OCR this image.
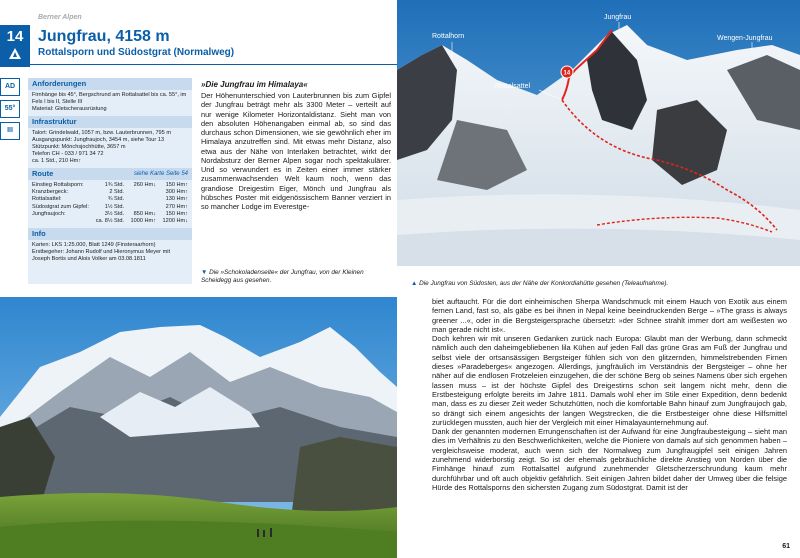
Berner Alpen
14 Jungfrau, 4158 m
Rottalsporn und Südostgrat (Normalweg)
AD
55°
III
Anforderungen
Firnhänge bis 45°, Bergschrund am Rottalsattel bis ca. 55°, im Fels I bis II, Stelle III
Material: Gletscherausrüstung
Infrastruktur
Talort: Grindelwald, 1057 m, bzw. Lauterbrunnen, 795 m
Ausgangspunkt: Jungfraujoch, 3454 m, siehe Tour 13
Stützpunkt: Mönchsjochhütte, 3657 m
Telefon CH - 033 / 971 34 72
ca. 1 Std., 210 Hm↑
Route	siehe Karte Seite 54
Einstieg Rottalsporn:	1¾ Std.	260 Hm↓	150 Hm↑
Kranzbergeck:	2 Std.	300 Hm↑
Rottalsattel:	¾ Std.	130 Hm↑
Südostgrat zum Gipfel:	1½ Std.	270 Hm↑
Jungfraujoch:	3½ Std.	850 Hm↓	150 Hm↑
ca. 8½ Std.	1000 Hm↑	1200 Hm↓
Info
Karten: LKS 1:25.000, Blatt 1249 (Finsteraarhorn)
Erstbegeher: Johann Rudolf und Hieronymus Meyer mit Joseph Bortis und Alois Volker am 03.08.1811
»Die Jungfrau im Himalaya«
Der Höhenunterschied von Lauterbrunnen bis zum Gipfel der Jungfrau beträgt mehr als 3300 Meter – verteilt auf nur wenige Kilometer Horizontaldistanz. Sieht man von den absoluten Höhenangaben einmal ab, so sind das durchaus schon Dimensionen, wie sie gewöhnlich eher im Himalaya anzutreffen sind. Mit etwas mehr Distanz, also etwa aus der Nähe von Interlaken betrachtet, wirkt der Nordabsturz der Berner Alpen sogar noch spektakulärer. Und so verwundert es in Zeiten einer immer stärker zusammenwachsenden Welt kaum noch, wenn das grandiose Dreigestirn Eiger, Mönch und Jungfrau als hübsches Poster mit eidgenössischem Banner verziert in so mancher Lodge im Everestge-
▼ Die »Schokoladenseite« der Jungfrau, von der Kleinen Scheidegg aus gesehen.
Rottalhorn
Jungfrau
Wengen-Jungfrau
Rottalsattel
14
▲ Die Jungfrau von Südosten, aus der Nähe der Konkordiahütte gesehen (Teleaufnahme).

biet auftaucht. Für die dort einheimischen Sherpa Wandschmuck mit einem Hauch von Exotik aus einem fernen Land, fast so, als gäbe es bei ihnen in Nepal keine beeindruckenden Berge – »The grass is always greener ...«, oder in die Bergsteigersprache übersetzt: »der Schnee strahlt immer dort am weißesten wo man gerade nicht ist«.

Doch kehren wir mit unseren Gedanken zurück nach Europa: Glaubt man der Werbung, dann schmeckt nämlich auch den daheimgebliebenen lila Kühen auf jeden Fall das grüne Gras am Fuß der Jungfrau und selbst viele der ortsansässigen Bergsteiger fühlen sich von den glitzernden, himmelstrebenden Firnen dieses »Paradeberges« angezogen. Allerdings, jungfräulich im Verständnis der Bergsteiger – ohne her näher auf die endlosen Frotzeleien einzugehen, die der schöne Berg ob seines Namens über sich ergehen lassen muss – ist der höchste Gipfel des Dreigestirns schon seit langem nicht mehr, denn die Erstbesteigung erfolgte bereits im Jahre 1811. Damals wohl eher im Stile einer Expedition, denn bedenkt man, dass es zu dieser Zeit weder Schutzhütten, noch die komfortable Bahn hinauf zum Jungfraujoch gab, so drängt sich einem angesichts der langen Wegstrecken, die die Erstbesteiger ohne diese Hilfsmittel zurücklegen mussten, auch hier der Vergleich mit einer Himalayaunternehmung auf.

Dank der genannten modernen Errungenschaften ist der Aufwand für eine Jungfraubesteigung – sieht man dies im Verhältnis zu den Beschwerlichkeiten, welche die Pioniere von damals auf sich genommen haben – vergleichsweise moderat, auch wenn sich der Normalweg zum Jungfraugipfel seit einigen Jahren zunehmend widerborstig zeigt. So ist der ehemals gebräuchliche direkte Anstieg von Norden über die Firnhänge hinauf zum Rottalsattel aufgrund zunehmender Gletscherzerschrundung kaum mehr durchführbar und oft auch objektiv gefährlich. Seit einigen Jahren bildet daher der Umweg über die felsige Hürde des Rottalsporns den sichersten Zugang zum Südostgrat. Damit ist der

61
